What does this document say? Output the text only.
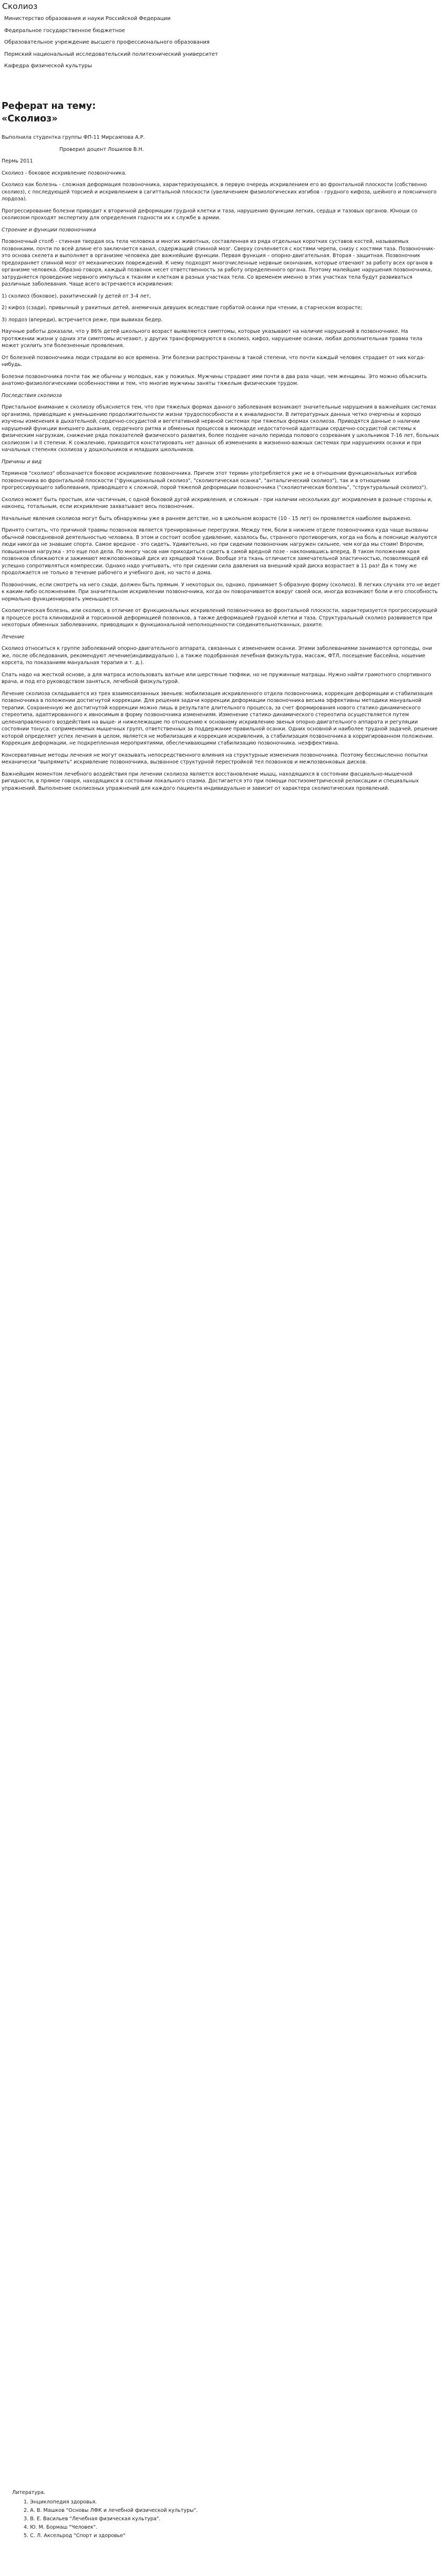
Сколиоз
Министерство образования и науки Российской Федерации
Федеральное государственное бюджетное
Образовательное учреждение высшего профессионального образования
Пермский национальный исследовательский политехнический университет
Кафедра физической культуры
Реферат на тему:
«Сколиоз»

Выполнила студентка группы ФП-11 Мирсаяпова А.Р.

Проверил доцент Лошилов В.Н.

Пермь 2011

Сколиоз - боковое искривление позвоночника.

Сколиоз как болезнь - сложная деформация позвоночника, характеризующаяся, в первую очередь искривлением его во фронтальной плоскости (собственно сколиоз), с последующей торсией и искривлением в сагиттальной плоскости (увеличением физиологических изгибов - грудного кифоза, шейного и поясничного лордоза).

Прогрессирование болезни приводит к вторичной деформации грудной клетки и таза, нарушению функции легких, сердца и тазовых органов. Юноши со сколиозом проходят экспертизу для определения годности их к службе в армии.

Строение и функции позвоночника

Позвоночный столб - стинная твердая ось тела человека и многих животных, составленная из ряда отдельных коротких суставов костей, называемых позвонками, почти по всей длине его заключается канал, содержащий спинной мозг. Сверху сочленяется с костями черепа, снизу с костями таза. Позвоночник- это основа скелета и выполняет в организме человека две важнейшие функции. Первая функция – опорно-двигательная. Вторая - защитная. Позвоночник предохраняет спинной мозг от механических повреждений. К нему подходят многочисленные нервные окончания, которые отвечают за работу всех органов в организме человека. Образно говоря, каждый позвонок несет ответственность за работу определенного органа. Поэтому малейшие нарушения позвоночника, затрудняется проведение нервного импульса к тканям и клеткам в разных участках тела. Со временем именно в этих участках тела будут развиваться различные заболевания. Чаще всего встречаются искривления:

1) сколиоз (боковое), рахитический (у детей от 3-4 лет,

2) кифоз (сзади), привычный у рахитных детей, анемичных девушек вследствие горбатой осанки при чтении, в старческом возрасте;

3) лордоз (впереди), встречается реже, при вывихах бедер.

Научные работы доказали, что у 86% детей школьного возраст выявляются симптомы, которые указывают на наличие нарушений в позвоночнике. На протяжении жизни у одних эти симптомы исчезают, у других трансформируются в сколиоз, кифоз, нарушение осанки, любая дополнительная травма тела может усилить эти болезненные проявления.

От болезней позвоночника люди страдали во все времена. Эти болезни распространены в такой степени, что почти каждый человек страдает от них когда-нибудь.

Болезни позвоночника почти так же обычны у молодых, как у пожилых. Мужчины страдают ими почти в два раза чаще, чем женщины. Это можно объяснить анатомо-физиологическими особенностями и тем, что многие мужчины заняты тяжелым физическим трудом.

Последствия сколиоза

Пристальное внимание к сколиозу объясняется тем, что при тяжелых формах данного заболевания возникают значительные нарушения в важнейших системах организма, приводящие к уменьшению продолжительности жизни трудоспособности и к инвалидности. В литературных данных четко очерчены и хорошо изучены изменения в дыхательной, сердечно-сосудистой и вегетативной нервной системах при тяжелых формах сколиоза. Приводятся данные о наличии нарушений функции внешнего дыхания, сердечного ритма и обменных процессов в миокарде недостаточной адаптации сердечно-сосудистой системы к физическим нагрузкам, снижение ряда показателей физического развития, более позднее начало периода полового созревания у школьников 7-16 лет, больных сколиозом I и II степени. К сожалению, приходится констатировать нет данных об изменениях в жизненно-важных системах при нарушениях осанки и при начальных степенях сколиоза у дошкольников и младших школьников.

Причины и вид

Терминов "сколиоз" обозначается боковое искривление позвоночника. Причем этот термин употребляется уже не в отношении функциональных изгибов позвоночника во фронтальной плоскости ("функциональный сколиоз", "сколиотическая осанка", "антальгический сколиоз"), так и в отношении прогрессирующего заболевания, приводящего к сложной, порой тяжелой деформации позвоночника ("сколиотическая болезнь", "структуральный сколиоз").

Сколиоз может быть простым, или частичным, с одной боковой дугой искривления, и сложным - при наличии нескольких дуг искривления в разные стороны и, наконец, тотальным, если искривление захватывает весь позвоночник.

Начальные явления сколиоза могут быть обнаружены уже в раннем детстве, но в школьном возрасте (10 - 15 лет) он проявляется наиболее выражено.

Принято считать, что причиной травмы позвонков является тренированные перегрузки. Между тем, боли в нижнем отделе позвоночника куда чаще вызваны обычной повседневной деятельностью человека. В этом и состоит особое удивление, казалось бы, странного противоречия, когда на боль в пояснице жалуются люди никогда не знавшие спорта. Самое вредное - это сидеть. Удивительно, но при сидении позвоночник нагружен сильнее, чем когда мы стоим! Впрочем, повышенная нагрузка - это еще пол дела. По многу часов нам приходиться сидеть в самой вредной позе - наклонившись вперед. В таком положении края позвонков сближаются и зажимают межпозвонковый диск из хрящевой ткани. Вообще эта ткань отличается замечательной эластичностью, позволяющей ей успешно сопротивляться компрессии. Однако надо учитывать, что при сидении сила давления на внешний край диска возрастает в 11 раз! Да к тому же продолжается не только в течение рабочего и учебного дня, но часто и дома.

Позвоночник, если смотреть на него сзади, должен быть прямым. У некоторых он, однако, принимает S-образную форму (сколиоз). В легких случаях это не ведет к каким-либо осложнениям. При значительном искривлении позвоночника, когда он поворачивается вокруг своей оси, иногда возникают боли и его способность нормально функционировать уменьшается.

Сколиотическая болезнь, или сколиоз, в отличие от функциональных искривлений позвоночника во фронтальной плоскости, характеризуется прогрессирующей в процессе роста клиновидной и торсионной деформацией позвонков, а также деформацией грудной клетки и таза. Структуральный сколиоз развивается при некоторых обменных заболеваниях, приводящих к функциональной неполноценности соединительнотканных, рахите.

Лечение

Сколиоз относиться к группе заболеваний опорно-двигательного аппарата, связанных с изменением осанки. Этими заболеваниями занимаются ортопеды, они же, после обследования, рекомендуют лечение(индивидуально ), а также подобранная лечебная физкультура, массаж, ФТЛ, посещение бассейна, ношение корсета, по показаниям мануальная терапия и т. д.).

Спать надо на жесткой основе, а для матраса использовать ватные или шерстяные тюфяки, но не пружинные матрацы. Нужно найти грамотного спортивного врача, и под его руководством заняться, лечебной физкультурой.

Лечение сколиоза складывается из трех взаимосвязанных звеньев: мобилизация искривленного отдела позвоночника, коррекция деформации и стабилизация позвоночника в положении достигнутой коррекции. Для решения задачи коррекции деформации позвоночника весьма эффективны методики мануальной терапии. Сохраненную же достигнутой коррекции можно лишь в результате длительного процесса, за счет формирования нового статико-динамического стереотипа, адаптированного к ивносимым в форму позвоночника изменениям. Изменение статико-динамического стереотипа осуществляется путем целенаправленного воздействия на выше- и нижележащие по отношению к основному искривлению звенья опорно-двигательного аппарата и регуляции состоянии тонуса. соприменяемых мышечных групп, ответственных за поддержание правильной осанки. Одних основной и наиболее трудной задачей, решение которой определяет успех лечения в целом, является не мобилизация и коррекция искривления, а стабилизация позвоночника в корригированном положении. Коррекция деформации, не подкрепленная мероприятиями, обеспечивающими стабилизацию позвоночника. неэффективна.

Консервативные методы лечения не могут оказывать непосредственного влияния на структурные изменения позвоночника. Поэтому бессмысленно попытки механически "выпрямить" искривление позвоночника, вызванное структурной перестройкой тел позвонков и межпозвонковых дисков.

Важнейшим моментом лечебного воздействия при лечении сколиоза является восстановление мышц, находящихся в состоянии фасциально-мышечной ригидности, в прямое говоря, находящихся в состоянии локального спазма. Достигается это при помощи постизометрической релаксации и специальных упражнений. Выполнение сколиозных упражнений для каждого пациента индивидуально и зависит от характера сколиотических проявлений.

Литература.
1. Энциклопедия здоровья.
2. А. В. Машков "Основы ЛФК и лечебной физической культуры".
3. В. Е. Васильев "Лечебная физическая культура".
4. Ю. М. Бормаш "Человек".
5. С. Л. Аксельрод "Спорт и здоровье"
